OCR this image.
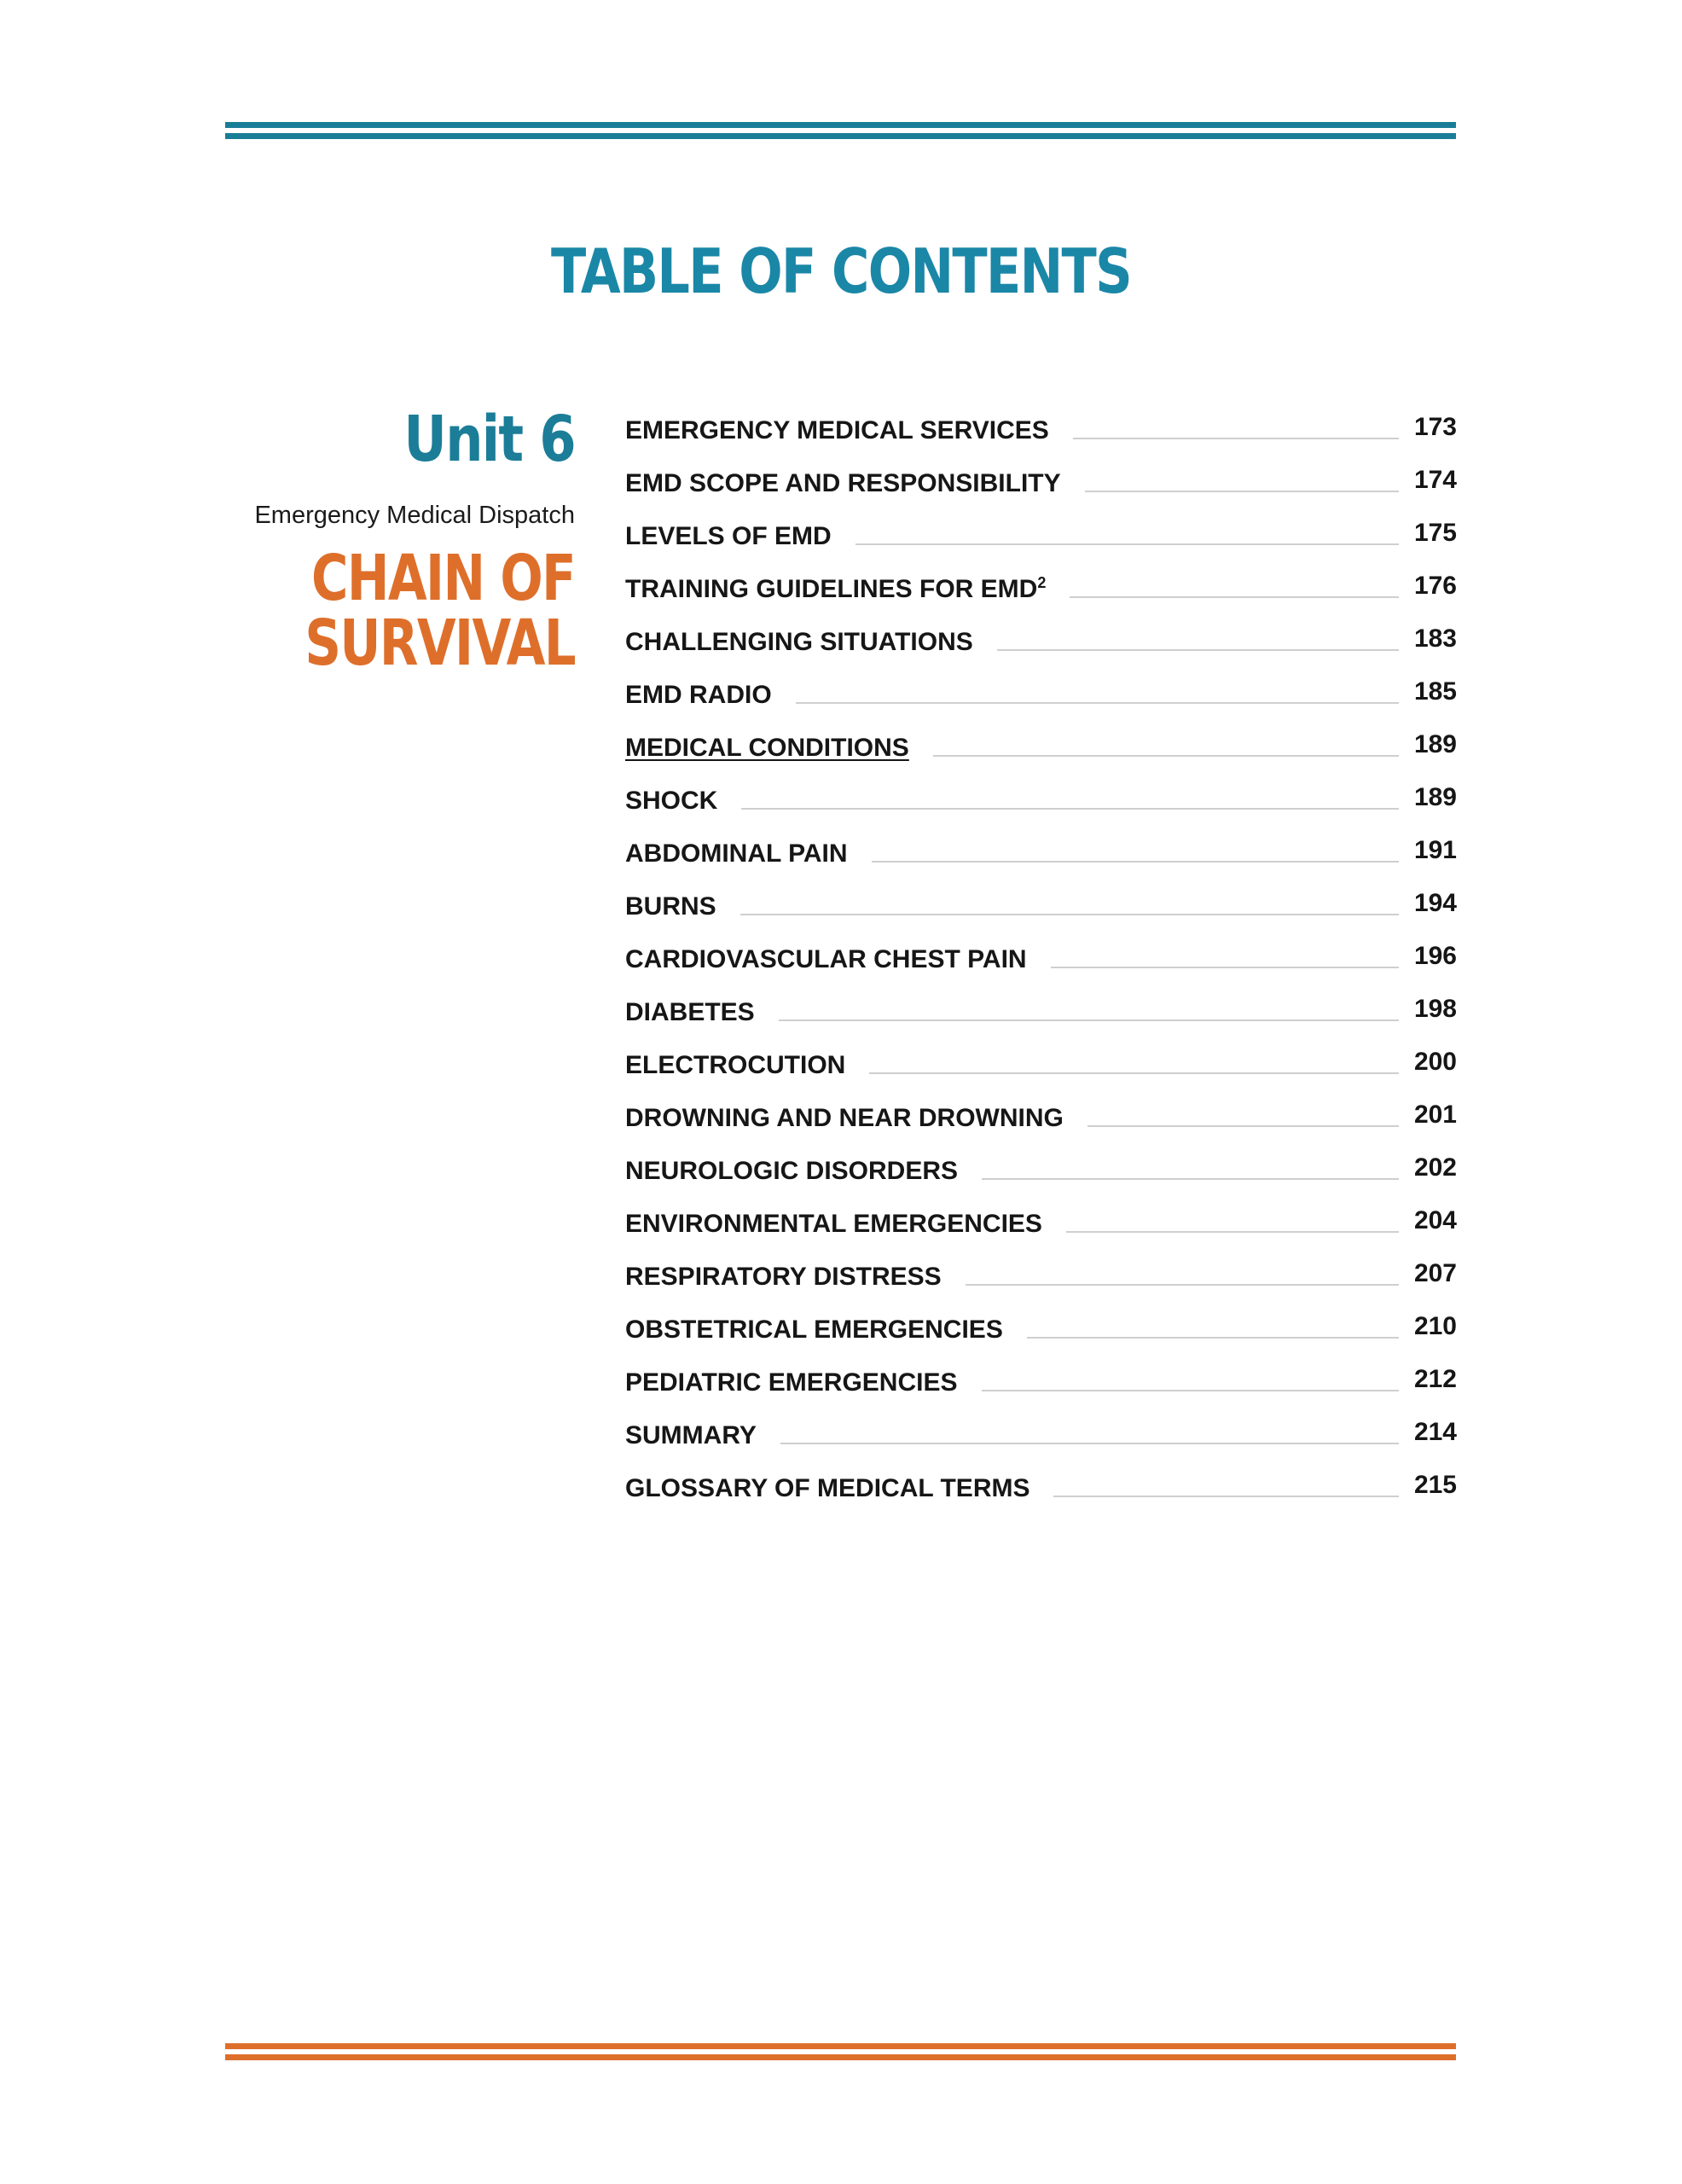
TABLE OF CONTENTS
Unit 6
Emergency Medical Dispatch
CHAIN OF
SURVIVAL
EMERGENCY MEDICAL SERVICES	173
EMD SCOPE AND RESPONSIBILITY	174
LEVELS OF EMD	175
TRAINING GUIDELINES FOR EMD$^2$	176
CHALLENGING SITUATIONS	183
EMD RADIO	185
MEDICAL CONDITIONS	189
SHOCK	189
ABDOMINAL PAIN	191
BURNS	194
CARDIOVASCULAR CHEST PAIN	196
DIABETES	198
ELECTROCUTION	200
DROWNING AND NEAR DROWNING	201
NEUROLOGIC DISORDERS	202
ENVIRONMENTAL EMERGENCIES	204
RESPIRATORY DISTRESS	207
OBSTETRICAL EMERGENCIES	210
PEDIATRIC EMERGENCIES	212
SUMMARY	214
GLOSSARY OF MEDICAL TERMS	215
